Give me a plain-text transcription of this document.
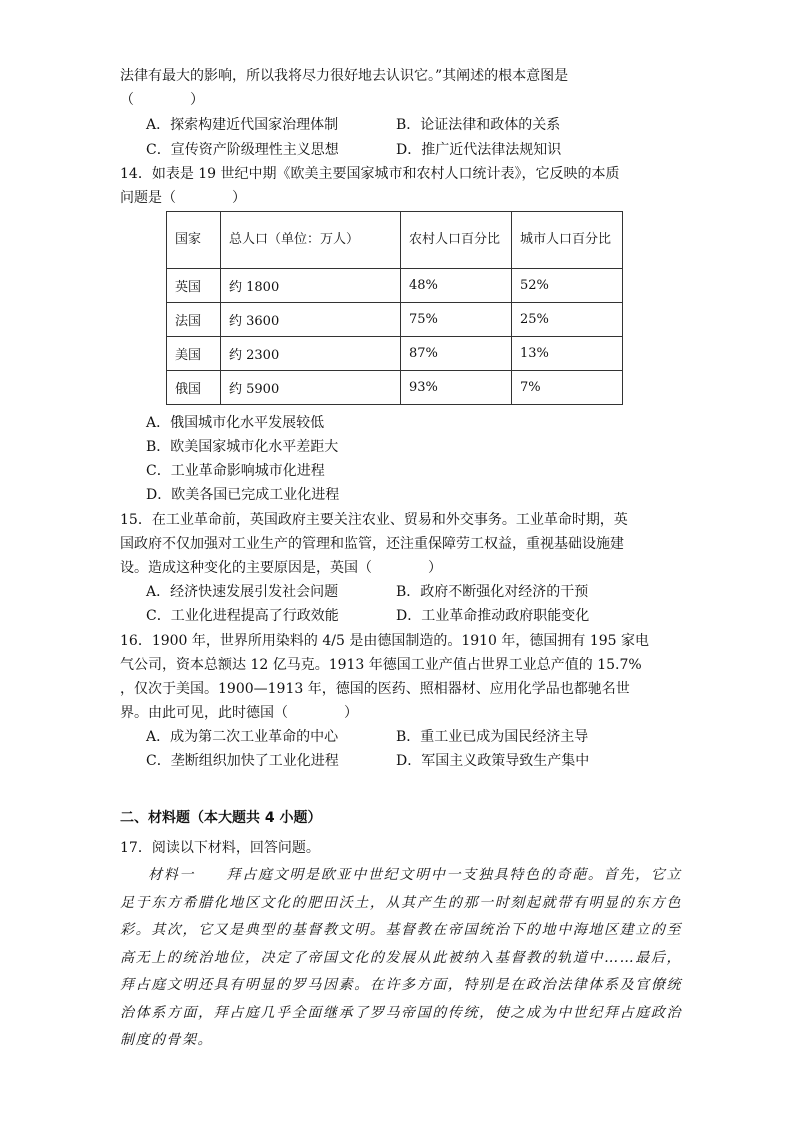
法律有最大的影响，所以我将尽力很好地去认识它。”其阐述的根本意图是
（　　　　）
A．探索构建近代国家治理体制	B．论证法律和政体的关系
C．宣传资产阶级理性主义思想	D．推广近代法律法规知识
14．如表是 19 世纪中期《欧美主要国家城市和农村人口统计表》，它反映的本质
问题是（　　　　）
国家	总人口（单位：万人）	农村人口百分比	城市人口百分比
英国	约 1800	48%	52%
法国	约 3600	75%	25%
美国	约 2300	87%	13%
俄国	约 5900	93%	7%
A．俄国城市化水平发展较低
B．欧美国家城市化水平差距大
C．工业革命影响城市化进程
D．欧美各国已完成工业化进程
15．在工业革命前，英国政府主要关注农业、贸易和外交事务。工业革命时期，英
国政府不仅加强对工业生产的管理和监管，还注重保障劳工权益，重视基础设施建
设。造成这种变化的主要原因是，英国（　　　　）
A．经济快速发展引发社会问题	B．政府不断强化对经济的干预
C．工业化进程提高了行政效能	D．工业革命推动政府职能变化
16．1900 年，世界所用染料的 4/5 是由德国制造的。1910 年，德国拥有 195 家电
气公司，资本总额达 12 亿马克。1913 年德国工业产值占世界工业总产值的 15.7%
，仅次于美国。1900—1913 年，德国的医药、照相器材、应用化学品也都驰名世
界。由此可见，此时德国（　　　　）
A．成为第二次工业革命的中心	B．重工业已成为国民经济主导
C．垄断组织加快了工业化进程	D．军国主义政策导致生产集中
二、材料题（本大题共 4 小题）
17．阅读以下材料，回答问题。
材料一　　拜占庭文明是欧亚中世纪文明中一支独具特色的奇葩。首先，它立足于东方希腊化地区文化的肥田沃土，从其产生的那一时刻起就带有明显的东方色彩。其次，它又是典型的基督教文明。基督教在帝国统治下的地中海地区建立的至高无上的统治地位，决定了帝国文化的发展从此被纳入基督教的轨道中……最后，拜占庭文明还具有明显的罗马因素。在许多方面，特别是在政治法律体系及官僚统治体系方面，拜占庭几乎全面继承了罗马帝国的传统，使之成为中世纪拜占庭政治制度的骨架。
